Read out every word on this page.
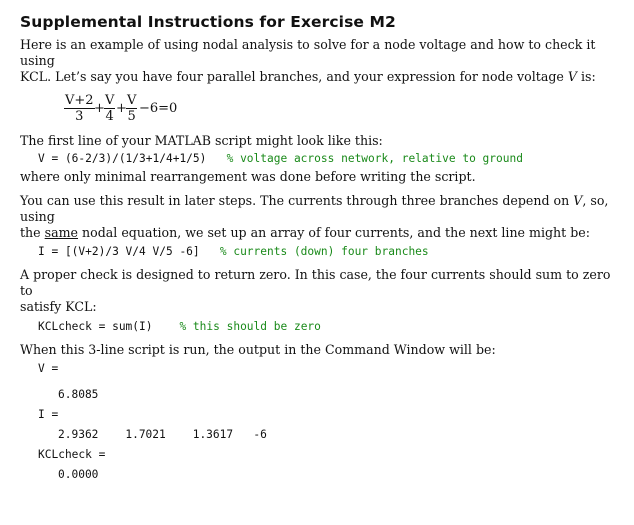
Supplemental Instructions for Exercise M2

Here is an example of using nodal analysis to solve for a node voltage and how to check it using
KCL. Let’s say you have four parallel branches, and your expression for node voltage V is:

$\frac{V+2}{3} + \frac{V}{4} + \frac{V}{5} -6=0$

The first line of your MATLAB script might look like this:

V = (6-2/3)/(1/3+1/4+1/5)   % voltage across network, relative to ground

where only minimal rearrangement was done before writing the script.

You can use this result in later steps. The currents through three branches depend on V, so, using
the same nodal equation, we set up an array of four currents, and the next line might be:

I = [(V+2)/3 V/4 V/5 -6]   % currents (down) four branches

A proper check is designed to return zero. In this case, the four currents should sum to zero to
satisfy KCL:

KCLcheck = sum(I)    % this should be zero

When this 3-line script is run, the output in the Command Window will be:

V =
6.8085
I =
2.9362    1.7021    1.3617   -6
KCLcheck =
0.0000
